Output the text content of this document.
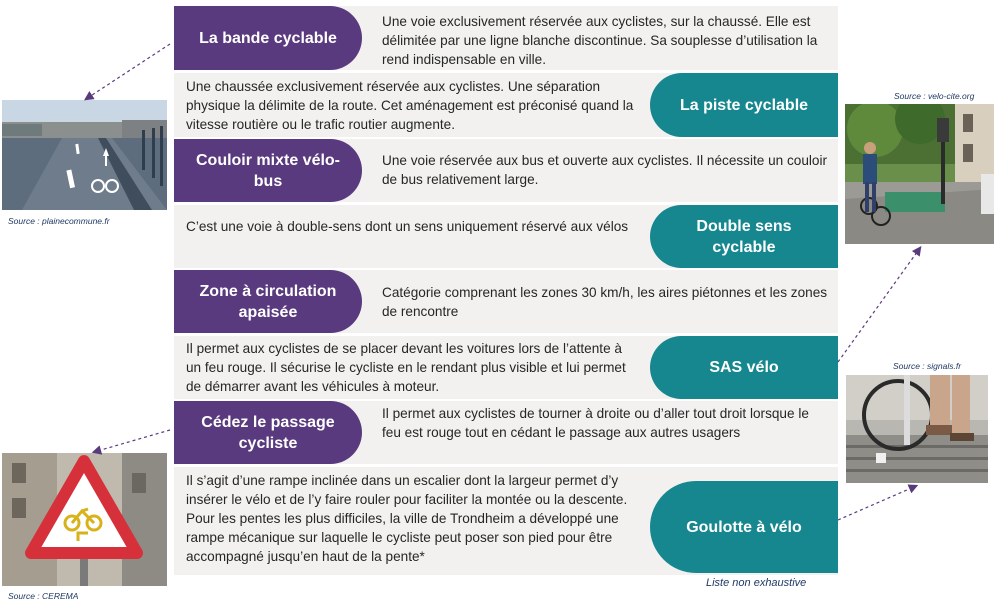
La bande cyclable
Une voie exclusivement réservée aux cyclistes, sur la chaussé. Elle est délimitée par une ligne blanche discontinue. Sa souplesse d’utilisation la rend indispensable en ville.
La piste cyclable
Une chaussée exclusivement réservée aux cyclistes. Une séparation physique la délimite de la route. Cet aménagement est préconisé quand la vitesse routière ou le trafic routier augmente.
Couloir mixte vélo-bus
Une voie réservée aux bus et ouverte aux cyclistes. Il nécessite un couloir de bus relativement large.
Double sens cyclable
C’est une voie à double-sens dont un sens uniquement réservé aux vélos
Zone à circulation apaisée
Catégorie comprenant les zones 30 km/h, les aires piétonnes et les zones de rencontre
SAS vélo
Il permet aux cyclistes de se placer devant les voitures lors de l’attente à un feu rouge. Il sécurise le cycliste en le rendant plus visible et lui permet de démarrer avant les véhicules à moteur.
Cédez le passage cycliste
Il permet aux cyclistes de tourner à droite ou d’aller tout droit lorsque le feu est rouge tout en cédant le passage aux autres usagers
Goulotte à vélo
Il s’agit d’une rampe inclinée dans un escalier dont la largeur permet d’y insérer le vélo et de l’y faire rouler pour faciliter la montée ou la descente. Pour les pentes les plus difficiles, la ville de Trondheim a développé une rampe mécanique sur laquelle le cycliste peut poser son pied pour être accompagné jusqu’en haut de la pente*
Source : plainecommune.fr
Source : velo-cite.org
Source : signals.fr
Source : CEREMA
Liste non exhaustive
